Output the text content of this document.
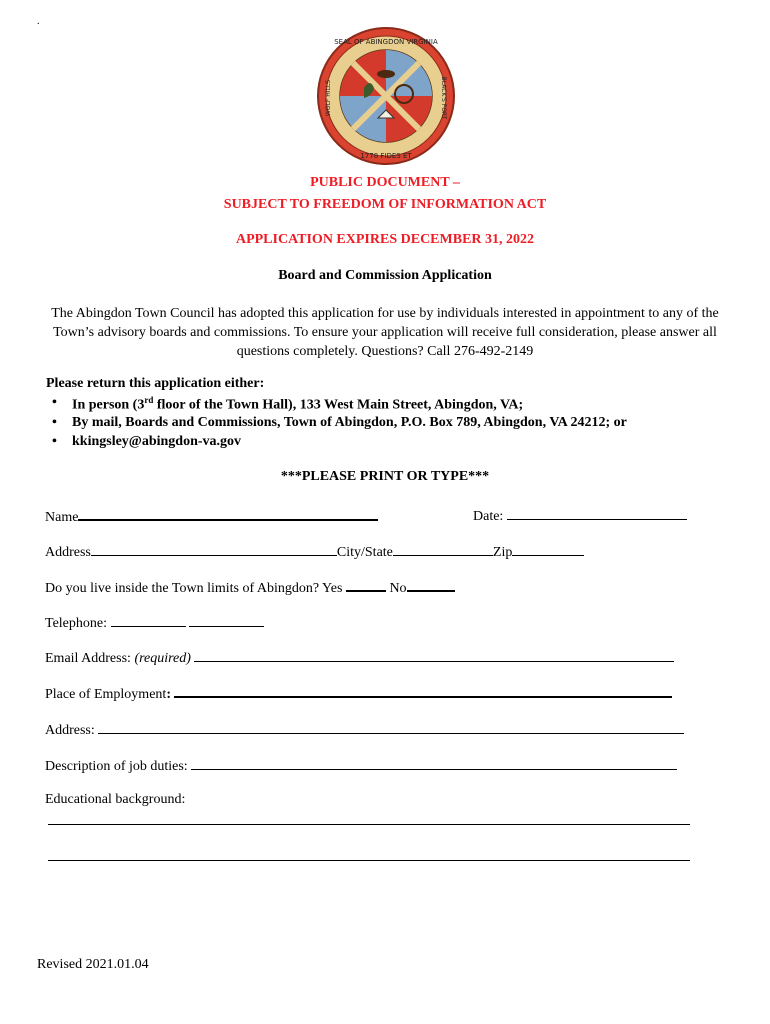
.
SEAL OF ABINGDON VIRGINIA
1778 FIDES ET
WOLF HILLS	BLACK'S FORT
PUBLIC DOCUMENT –
SUBJECT TO FREEDOM OF INFORMATION ACT
APPLICATION EXPIRES DECEMBER 31, 2022
Board and Commission Application
The Abingdon Town Council has adopted this application for use by individuals interested in appointment to any of the Town’s advisory boards and commissions. To ensure your application will receive full consideration, please answer all questions completely. Questions? Call 276-492-2149
Please return this application either:
• In person (3rd floor of the Town Hall), 133 West Main Street, Abingdon, VA;
• By mail, Boards and Commissions, Town of Abingdon, P.O. Box 789, Abingdon, VA 24212; or
• kkingsley@abingdon-va.gov
***PLEASE PRINT OR TYPE***
Name	Date:
Address	City/State	Zip
Do you live inside the Town limits of Abingdon? Yes	No
Telephone:
Email Address: (required)
Place of Employment:
Address:
Description of job duties:
Educational background:
Revised 2021.01.04
